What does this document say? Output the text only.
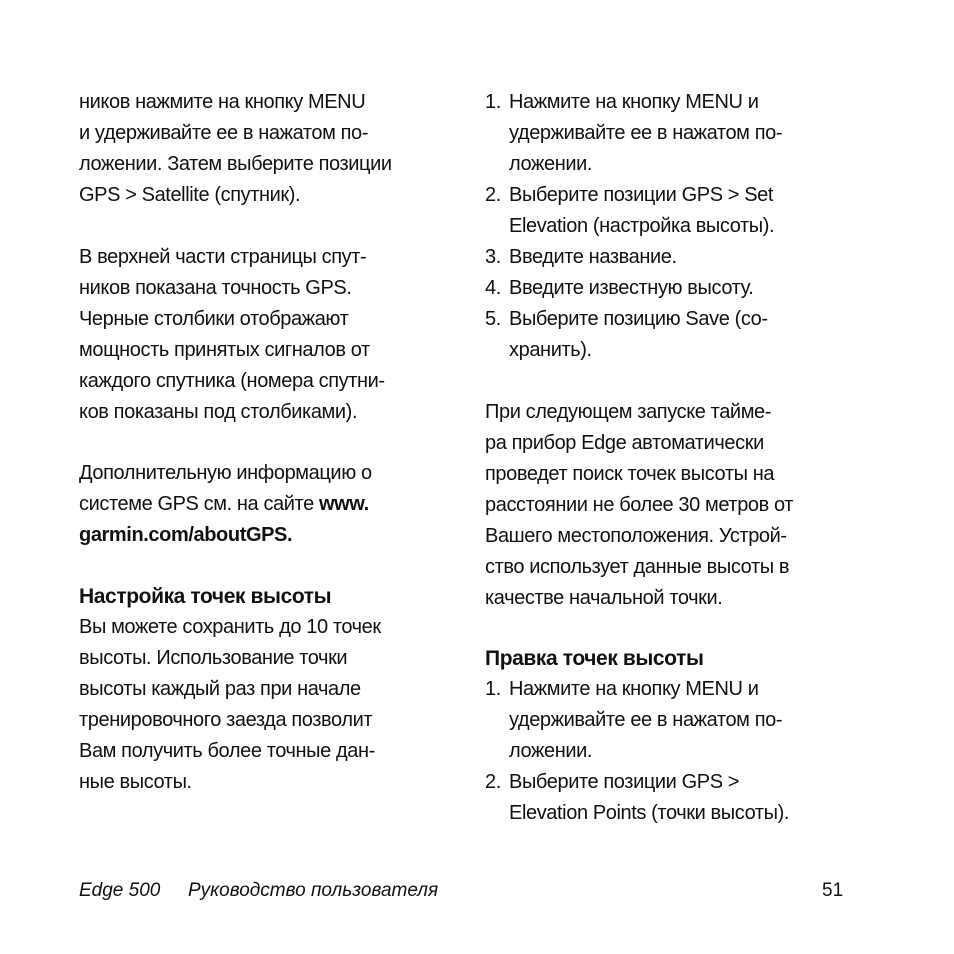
ников нажмите на кнопку MENU
и удерживайте ее в нажатом по-
ложении. Затем выберите позиции
GPS > Satellite (спутник).
В верхней части страницы спут-
ников показана точность GPS.
Черные столбики отображают
мощность принятых сигналов от
каждого спутника (номера спутни-
ков показаны под столбиками).
Дополнительную информацию о
системе GPS см. на сайте www.
garmin.com/aboutGPS.
Настройка точек высоты
Вы можете сохранить до 10 точек
высоты. Использование точки
высоты каждый раз при начале
тренировочного заезда позволит
Вам получить более точные дан-
ные высоты.
1. Нажмите на кнопку MENU и
удерживайте ее в нажатом по-
ложении.
2. Выберите позиции GPS > Set
Elevation (настройка высоты).
3. Введите название.
4. Введите известную высоту.
5. Выберите позицию Save (со-
хранить).
При следующем запуске тайме-
ра прибор Edge автоматически
проведет поиск точек высоты на
расстоянии не более 30 метров от
Вашего местоположения. Устрой-
ство использует данные высоты в
качестве начальной точки.
Правка точек высоты
1. Нажмите на кнопку MENU и
удерживайте ее в нажатом по-
ложении.
2. Выберите позиции GPS >
Elevation Points (точки высоты).
Edge 500 Руководство пользователя	51
